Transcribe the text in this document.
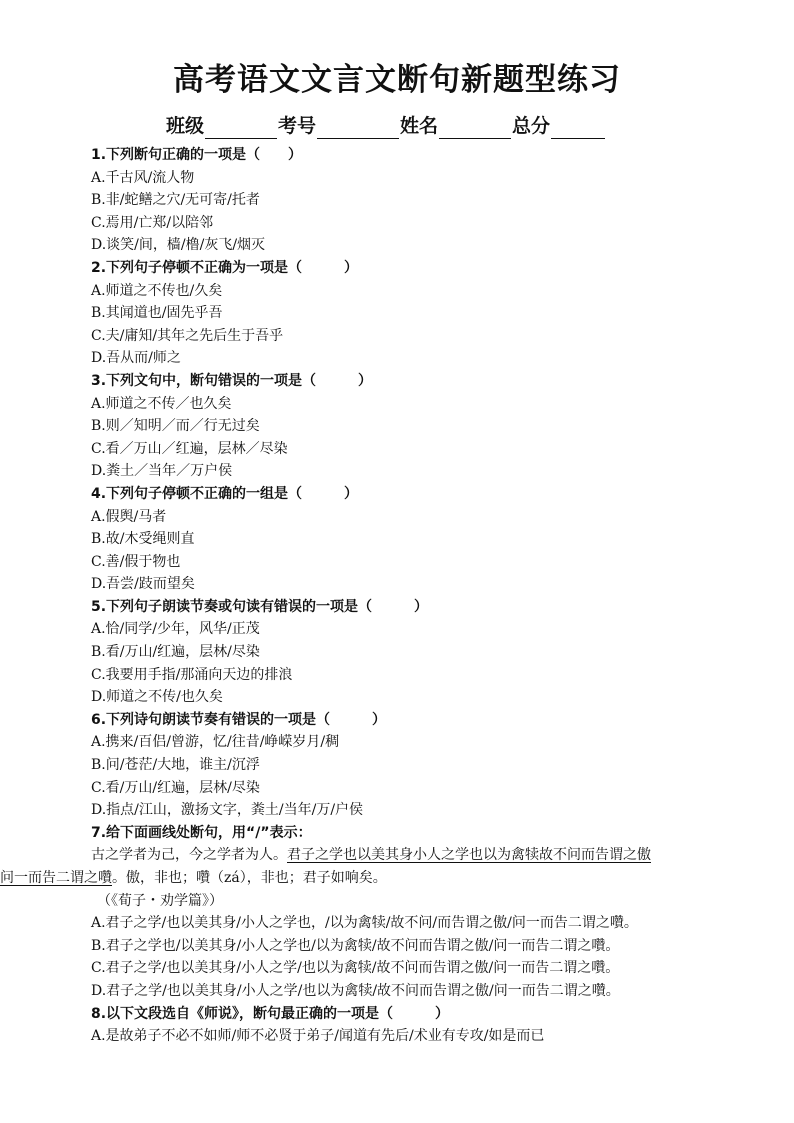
高考语文文言文断句新题型练习
班级	考号	姓名	总分
1.下列断句正确的一项是（　　）
A.千古风/流人物
B.非/蛇鳝之穴/无可寄/托者
C.焉用/亡郑/以陪邻
D.谈笑/间，樯/橹/灰飞/烟灭
2.下列句子停顿不正确为一项是（　　　）
A.师道之不传也/久矣
B.其闻道也/固先乎吾
C.夫/庸知/其年之先后生于吾乎
D.吾从而/师之
3.下列文句中，断句错误的一项是（　　　）
A.师道之不传／也久矣
B.则／知明／而／行无过矣
C.看／万山／红遍，层林／尽染
D.粪土／当年／万户侯
4.下列句子停顿不正确的一组是（　　　）
A.假舆/马者
B.故/木受绳则直
C.善/假于物也
D.吾尝/跂而望矣
5.下列句子朗读节奏或句读有错误的一项是（　　　）
A.恰/同学/少年，风华/正茂
B.看/万山/红遍，层林/尽染
C.我要用手指/那涌向天边的排浪
D.师道之不传/也久矣
6.下列诗句朗读节奏有错误的一项是（　　　）
A.携来/百侣/曾游，忆/往昔/峥嵘岁月/稠
B.问/苍茫/大地，谁主/沉浮
C.看/万山/红遍，层林/尽染
D.指点/江山，激扬文字，粪土/当年/万/户侯
7.给下面画线处断句，用“/”表示：
古之学者为己，今之学者为人。君子之学也以美其身小人之学也以为禽犊故不问而告谓之傲
问一而告二谓之囋。傲，非也；囋（zá），非也；君子如响矣。
（《荀子・劝学篇》）
A.君子之学/也以美其身/小人之学也，/以为禽犊/故不问/而告谓之傲/问一而告二谓之囋。
B.君子之学也/以美其身/小人之学也/以为禽犊/故不问而告谓之傲/问一而告二谓之囋。
C.君子之学/也以美其身/小人之学/也以为禽犊/故不问而告谓之傲/问一而告二谓之囋。
D.君子之学/也以美其身/小人之学/也以为禽犊/故不问而告谓之傲/问一而告二谓之囋。
8.以下文段选自《师说》，断句最正确的一项是（　　　）
A.是故弟子不必不如师/师不必贤于弟子/闻道有先后/术业有专攻/如是而已
